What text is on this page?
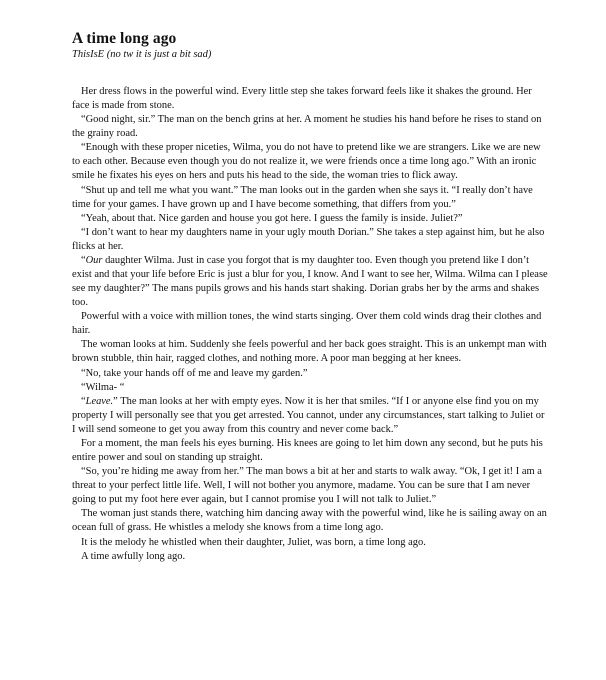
A time long ago
ThisIsE (no tw it is just a bit sad)

Her dress flows in the powerful wind. Every little step she takes forward feels like it shakes the ground. Her face is made from stone.

“Good night, sir.” The man on the bench grins at her. A moment he studies his hand before he rises to stand on the grainy road.

“Enough with these proper niceties, Wilma, you do not have to pretend like we are strangers. Like we are new to each other. Because even though you do not realize it, we were friends once a time long ago.” With an ironic smile he fixates his eyes on hers and puts his head to the side, the woman tries to flick away.

“Shut up and tell me what you want.” The man looks out in the garden when she says it. “I really don’t have time for your games. I have grown up and I have become something, that differs from you.”

“Yeah, about that. Nice garden and house you got here. I guess the family is inside. Juliet?”

“I don’t want to hear my daughters name in your ugly mouth Dorian.” She takes a step against him, but he also flicks at her.

“Our daughter Wilma. Just in case you forgot that is my daughter too. Even though you pretend like I don’t exist and that your life before Eric is just a blur for you, I know. And I want to see her, Wilma. Wilma can I please see my daughter?” The mans pupils grows and his hands start shaking. Dorian grabs her by the arms and shakes too.

Powerful with a voice with million tones, the wind starts singing. Over them cold winds drag their clothes and hair.

The woman looks at him. Suddenly she feels powerful and her back goes straight. This is an unkempt man with brown stubble, thin hair, ragged clothes, and nothing more. A poor man begging at her knees.

“No, take your hands off of me and leave my garden.”

“Wilma- “

“Leave.” The man looks at her with empty eyes. Now it is her that smiles. “If I or anyone else find you on my property I will personally see that you get arrested. You cannot, under any circumstances, start talking to Juliet or I will send someone to get you away from this country and never come back.”

For a moment, the man feels his eyes burning. His knees are going to let him down any second, but he puts his entire power and soul on standing up straight.

“So, you’re hiding me away from her.” The man bows a bit at her and starts to walk away. “Ok, I get it! I am a threat to your perfect little life. Well, I will not bother you anymore, madame. You can be sure that I am never going to put my foot here ever again, but I cannot promise you I will not talk to Juliet.”

The woman just stands there, watching him dancing away with the powerful wind, like he is sailing away on an ocean full of grass. He whistles a melody she knows from a time long ago.

It is the melody he whistled when their daughter, Juliet, was born, a time long ago.

A time awfully long ago.
